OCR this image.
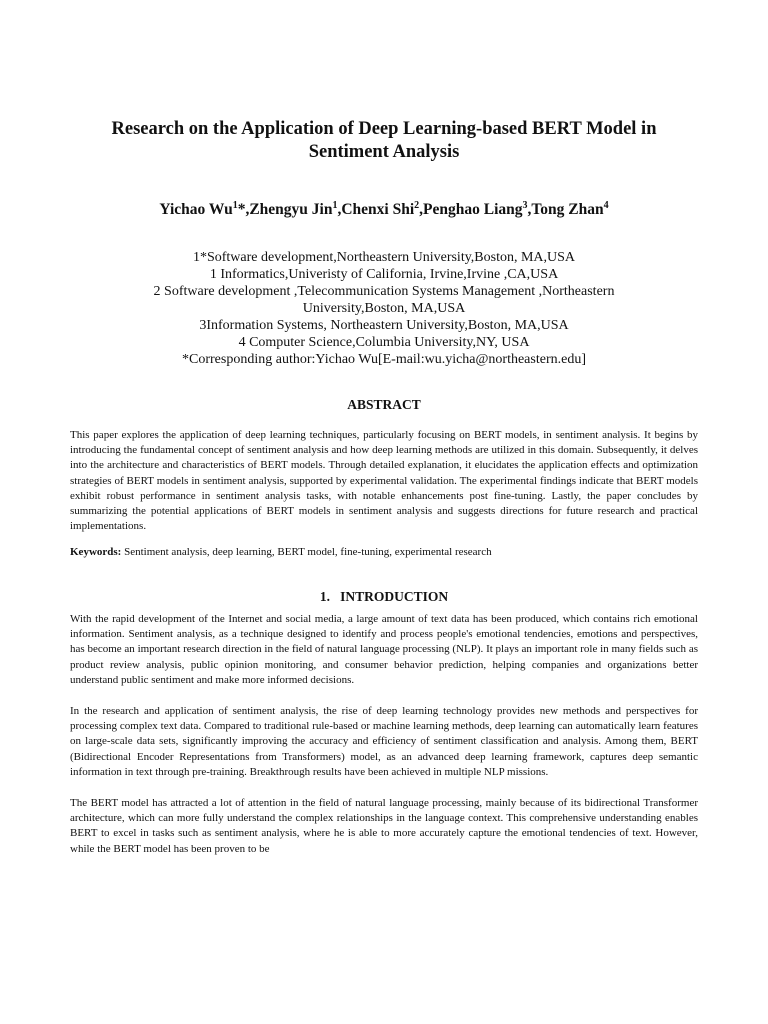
Research on the Application of Deep Learning-based BERT Model in
Sentiment Analysis
Yichao Wu$^1$*,Zhengyu Jin$^1$,Chenxi Shi$^2$,Penghao Liang$^3$,Tong Zhan$^4$
1*Software development,Northeastern University,Boston, MA,USA
1 Informatics,Univeristy of California, Irvine,Irvine ,CA,USA
2 Software development ,Telecommunication Systems Management ,Northeastern University,Boston, MA,USA
3Information Systems, Northeastern University,Boston, MA,USA
4 Computer Science,Columbia University,NY, USA
*Corresponding author:Yichao Wu[E-mail:wu.yicha@northeastern.edu]
ABSTRACT
This paper explores the application of deep learning techniques, particularly focusing on BERT models, in sentiment analysis. It begins by introducing the fundamental concept of sentiment analysis and how deep learning methods are utilized in this domain. Subsequently, it delves into the architecture and characteristics of BERT models. Through detailed explanation, it elucidates the application effects and optimization strategies of BERT models in sentiment analysis, supported by experimental validation. The experimental findings indicate that BERT models exhibit robust performance in sentiment analysis tasks, with notable enhancements post fine-tuning. Lastly, the paper concludes by summarizing the potential applications of BERT models in sentiment analysis and suggests directions for future research and practical implementations.
Keywords: Sentiment analysis, deep learning, BERT model, fine-tuning, experimental research
1.   INTRODUCTION
With the rapid development of the Internet and social media, a large amount of text data has been produced, which contains rich emotional information. Sentiment analysis, as a technique designed to identify and process people's emotional tendencies, emotions and perspectives, has become an important research direction in the field of natural language processing (NLP). It plays an important role in many fields such as product review analysis, public opinion monitoring, and consumer behavior prediction, helping companies and organizations better understand public sentiment and make more informed decisions.
In the research and application of sentiment analysis, the rise of deep learning technology provides new methods and perspectives for processing complex text data. Compared to traditional rule-based or machine learning methods, deep learning can automatically learn features on large-scale data sets, significantly improving the accuracy and efficiency of sentiment classification and analysis. Among them, BERT (Bidirectional Encoder Representations from Transformers) model, as an advanced deep learning framework, captures deep semantic information in text through pre-training. Breakthrough results have been achieved in multiple NLP missions.
The BERT model has attracted a lot of attention in the field of natural language processing, mainly because of its bidirectional Transformer architecture, which can more fully understand the complex relationships in the language context. This comprehensive understanding enables BERT to excel in tasks such as sentiment analysis, where he is able to more accurately capture the emotional tendencies of text. However, while the BERT model has been proven to be
